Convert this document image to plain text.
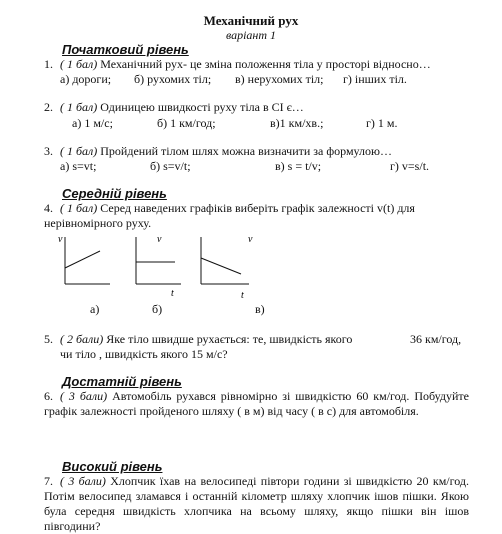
Механічний рух
варіант 1
Початковий рівень
1. ( 1 бал) Механічний рух- це зміна положення тіла у просторі відносно…
а) дороги; б) рухомих тіл; в) нерухомих тіл; г) інших тіл.
2. ( 1 бал) Одиницею швидкості руху тіла в СІ є…
а) 1 м/с;	б) 1 км/год;	в)1 км/хв.;	г) 1 м.
3. ( 1 бал) Пройдений тілом шлях можна визначити за формулою…
а) s=vt;	б) s=v/t;	в) s = t/v;	г) v=s/t.
Середній рівень
4. ( 1 бал) Серед наведених графіків виберіть графік залежності v(t) для нерівномірного руху.
v	v
t
v
t
а)	б)	в)
5. ( 2 бали) Яке тіло швидше рухається: те, швидкість якого	36 км/год,
чи тіло , швидкість якого 15 м/с?
Достатній рівень
6. ( 3 бали) Автомобіль рухався рівномірно зі швидкістю 60 км/год. Побудуйте графік залежності пройденого шляху ( в м) від часу ( в с) для автомобіля.
Високий рівень
7. ( 3 бали) Хлопчик їхав на велосипеді півтори години зі швидкістю 20 км/год. Потім велосипед зламався і останній кілометр шляху хлопчик ішов пішки. Якою була середня швидкість хлопчика на всьому шляху, якщо пішки він ішов півгодини?
